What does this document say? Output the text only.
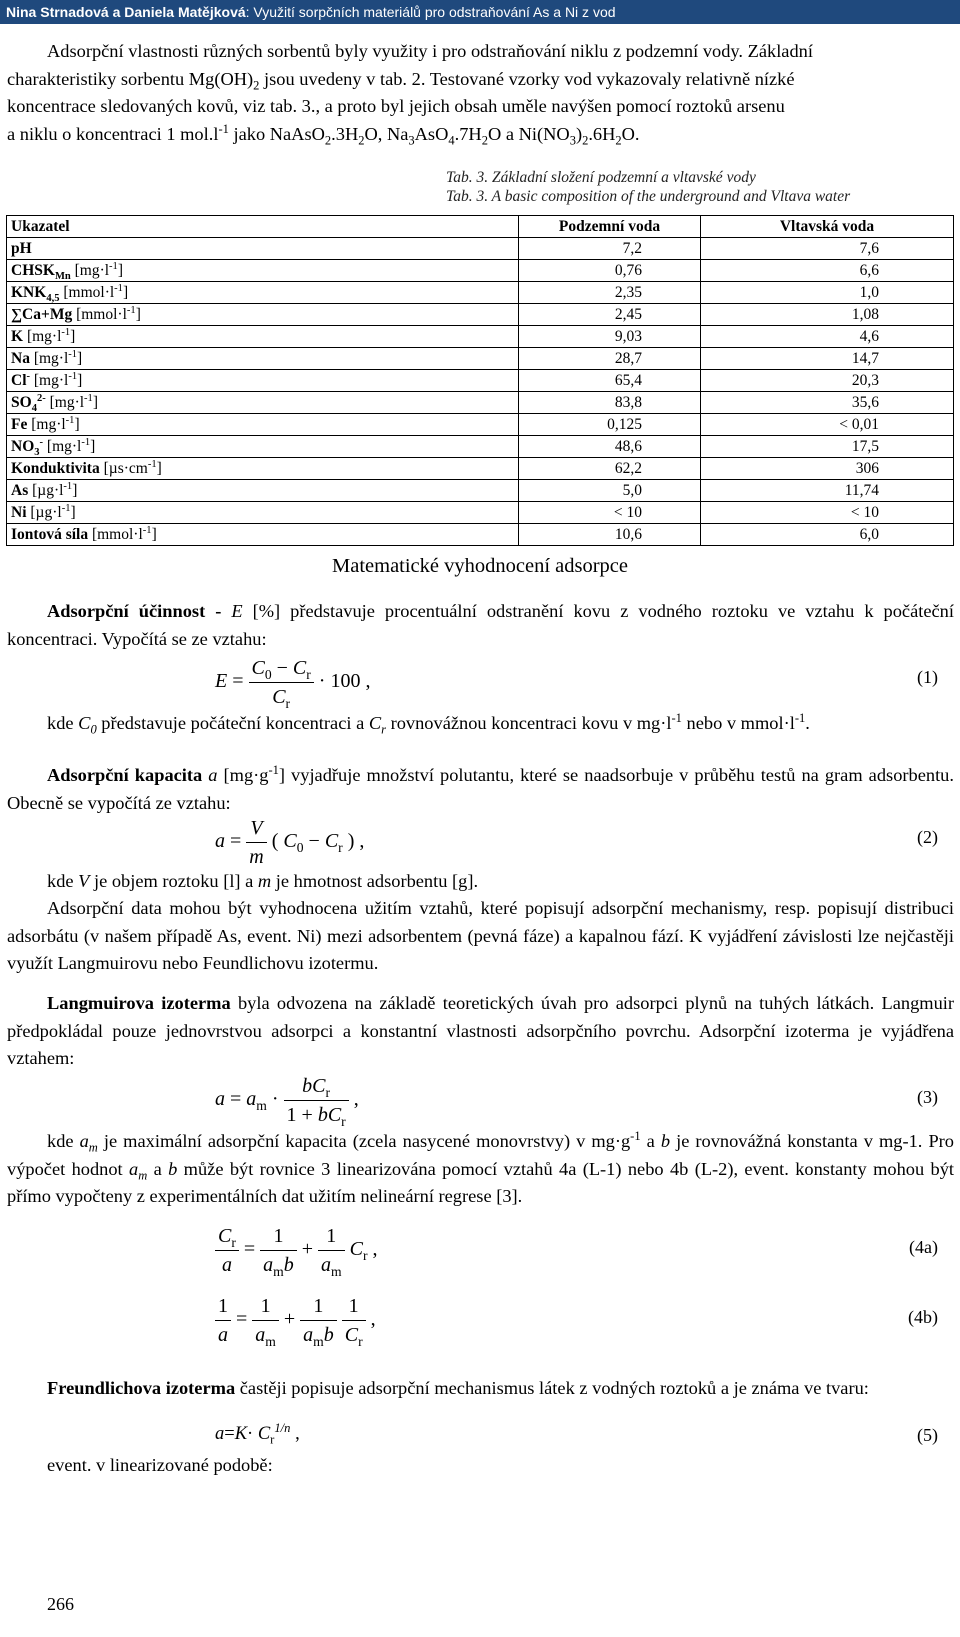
Nina Strnadová a Daniela Matějková: Využití sorpčních materiálů pro odstraňování As a Ni z vod
Adsorpční vlastnosti různých sorbentů byly využity i pro odstraňování niklu z podzemní vody. Základní
charakteristiky sorbentu $Mg(OH)_2$ jsou uvedeny v tab. 2. Testované vzorky vod vykazovaly relativně nízké
koncentrace sledovaných kovů, viz tab. 3., a proto byl jejich obsah uměle navýšen pomocí roztoků arsenu
a niklu o koncentraci 1 $mol.l^{-1}$ jako $NaAsO_2.3H_2O$, $Na_3AsO_4.7H_2O$ a $Ni(NO_3)_2.6H_2O$.
Tab. 3. Základní složení podzemní a vltavské vody
Tab. 3. A basic composition of the underground and Vltava water
Ukazatel	Podzemní voda	Vltavská voda
pH	7,2	7,6
$CHSK_{Mn}$ $[mg\cdot l^{-1}]$	0,76	6,6
$KNK_{4,5}$ $[mmol\cdot l^{-1}]$	2,35	1,0
∑Ca+Mg $[mmol\cdot l^{-1}]$	2,45	1,08
K $[mg\cdot l^{-1}]$	9,03	4,6
Na $[mg\cdot l^{-1}]$	28,7	14,7
Cl- $[mg\cdot l^{-1}]$	65,4	20,3
$SO_4^{2-}$ $[mg\cdot l^{-1}]$	83,8	35,6
Fe $[mg\cdot l^{-1}]$	0,125	< 0,01
$NO_3^-$ $[mg\cdot l^{-1}]$	48,6	17,5
Konduktivita $[\mu s\cdot cm^{-1}]$	62,2	306
As $[\mu g\cdot l^{-1}]$	5,0	11,74
Ni $[\mu g\cdot l^{-1}]$	< 10	< 10
Iontová síla $[mmol\cdot l^{-1}]$	10,6	6,0
Matematické vyhodnocení adsorpce
Adsorpční účinnost - E [%] představuje procentuální odstranění kovu z vodného roztoku ve vztahu k počáteční koncentraci. Vypočítá se ze vztahu:
$E = \frac{C_0 - C_r}{C_r} \cdot 100$ ,	(1)
kde $C_0$ představuje počáteční koncentraci a $C_r$ rovnovážnou koncentraci kovu v $mg\cdot l^{-1}$ nebo v $mmol\cdot l^{-1}$.
Adsorpční kapacita a $[mg\cdot g^{-1}]$ vyjadřuje množství polutantu, které se naadsorbuje v průběhu testů na gram adsorbentu. Obecně se vypočítá ze vztahu:
$a = \frac{V}{m}$ ( $C_0 - C_r$ ) ,	(2)
kde V je objem roztoku [l] a m je hmotnost adsorbentu [g].
Adsorpční data mohou být vyhodnocena užitím vztahů, které popisují adsorpční mechanismy, resp. popisují distribuci adsorbátu (v našem případě As, event. Ni) mezi adsorbentem (pevná fáze) a kapalnou fází. K vyjádření závislosti lze nejčastěji využít Langmuirovu nebo Feundlichovu izotermu.
Langmuirova izoterma byla odvozena na základě teoretických úvah pro adsorpci plynů na tuhých látkách. Langmuir předpokládal pouze jednovrstvou adsorpci a konstantní vlastnosti adsorpčního povrchu. Adsorpční izoterma je vyjádřena vztahem:
$a = a_m \cdot \frac{bC_r}{1 + bC_r}$ ,	(3)
kde $a_m$ je maximální adsorpční kapacita (zcela nasycené monovrstvy) v $mg\cdot g^{-1}$ a b je rovnovážná konstanta v mg-1. Pro výpočet hodnot $a_m$ a b může být rovnice 3 linearizována pomocí vztahů 4a (L-1) nebo 4b (L-2), event. konstanty mohou být přímo vypočteny z experimentálních dat užitím nelineární regrese [3].
$\frac{C_r}{a} = \frac{1}{a_mb} + \frac{1}{a_m} C_r$ ,	(4a)
$\frac{1}{a} = \frac{1}{a_m} + \frac{1}{a_mb}$
$\frac{1}{C_r}$ ,	(4b)
Freundlichova izoterma častěji popisuje adsorpční mechanismus látek z vodných roztoků a je známa ve tvaru:
$a=K\cdot C_r^{1/n}$ ,	(5)
event. v linearizované podobě:
266
